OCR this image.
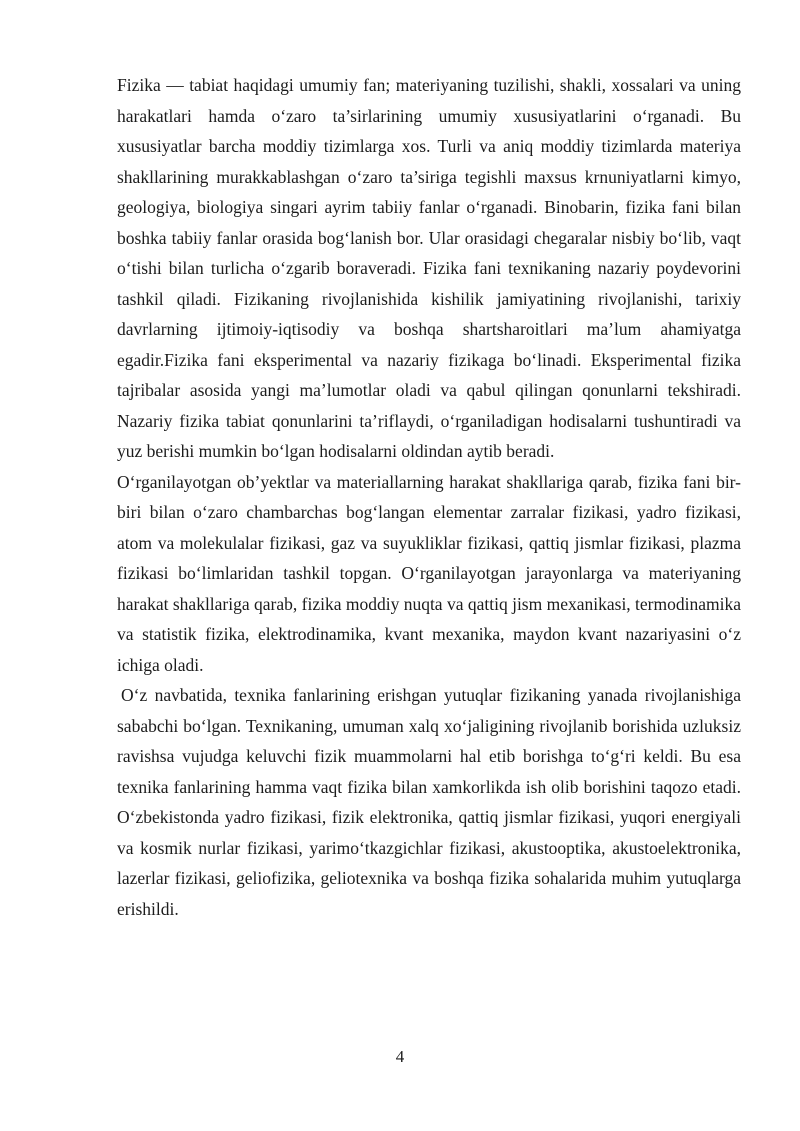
Fizika — tabiat haqidagi umumiy fan; materiyaning tuzilishi, shakli, xossalari va uning harakatlari hamda o‘zaro ta’sirlarining umumiy xususiyatlarini o‘rganadi. Bu xususiyatlar barcha moddiy tizimlarga xos. Turli va aniq moddiy tizimlarda materiya shakllarining murakkablashgan o‘zaro ta’siriga tegishli maxsus krnuniyatlarni kimyo, geologiya, biologiya singari ayrim tabiiy fanlar o‘rganadi. Binobarin, fizika fani bilan boshka tabiiy fanlar orasida bog‘lanish bor. Ular orasidagi chegaralar nisbiy bo‘lib, vaqt o‘tishi bilan turlicha o‘zgarib boraveradi. Fizika fani texnikaning nazariy poydevorini tashkil qiladi. Fizikaning rivojlanishida kishilik jamiyatining rivojlanishi, tarixiy davrlarning ijtimoiy-iqtisodiy va boshqa shartsharoitlari ma’lum ahamiyatga egadir.Fizika fani eksperimental va nazariy fizikaga bo‘linadi. Eksperimental fizika tajribalar asosida yangi ma’lumotlar oladi va qabul qilingan qonunlarni tekshiradi. Nazariy fizika tabiat qonunlarini ta’riflaydi, o‘rganiladigan hodisalarni tushuntiradi va yuz berishi mumkin bo‘lgan hodisalarni oldindan aytib beradi.

O‘rganilayotgan ob’yektlar va materiallarning harakat shakllariga qarab, fizika fani bir-biri bilan o‘zaro chambarchas bog‘langan elementar zarralar fizikasi, yadro fizikasi, atom va molekulalar fizikasi, gaz va suyukliklar fizikasi, qattiq jismlar fizikasi, plazma fizikasi bo‘limlaridan tashkil topgan. O‘rganilayotgan jarayonlarga va materiyaning harakat shakllariga qarab, fizika moddiy nuqta va qattiq jism mexanikasi, termodinamika va statistik fizika, elektrodinamika, kvant mexanika, maydon kvant nazariyasini o‘z ichiga oladi.

O‘z navbatida, texnika fanlarining erishgan yutuqlar fizikaning yanada rivojlanishiga sababchi bo‘lgan. Texnikaning, umuman xalq xo‘jaligining rivojlanib borishida uzluksiz ravishsa vujudga keluvchi fizik muammolarni hal etib borishga to‘g‘ri keldi. Bu esa texnika fanlarining hamma vaqt fizika bilan xamkorlikda ish olib borishini taqozo etadi. O‘zbekistonda yadro fizikasi, fizik elektronika, qattiq jismlar fizikasi, yuqori energiyali va kosmik nurlar fizikasi, yarimo‘tkazgichlar fizikasi, akustooptika, akustoelektronika, lazerlar fizikasi, geliofizika, geliotexnika va boshqa fizika sohalarida muhim yutuqlarga erishildi.

4
